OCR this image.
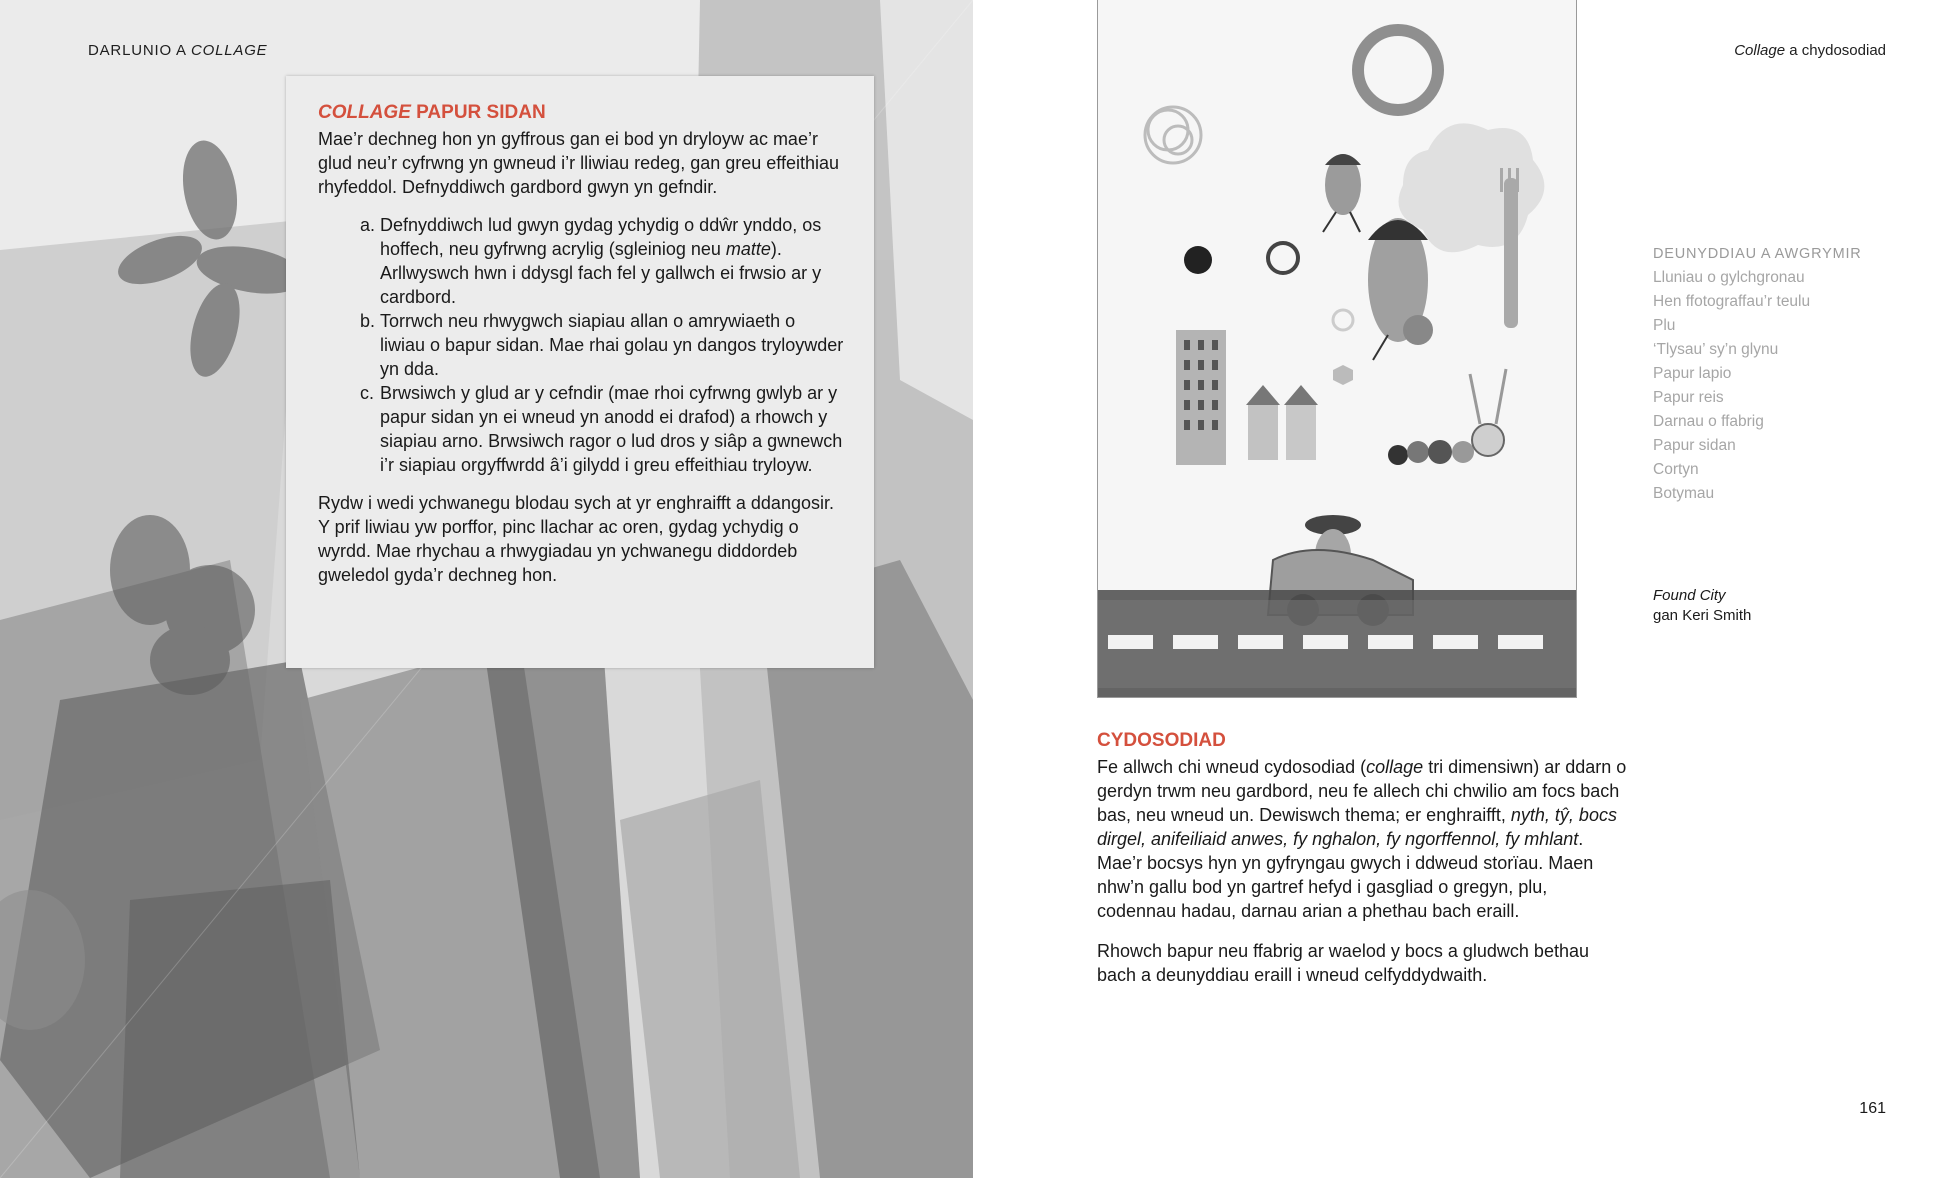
DARLUNIO A COLLAGE
COLLAGE PAPUR SIDAN

Mae’r dechneg hon yn gyffrous gan ei bod yn dryloyw ac mae’r glud neu’r cyfrwng yn gwneud i’r lliwiau redeg, gan greu effeithiau rhyfeddol. Defnyddiwch gardbord gwyn yn gefndir.

a. Defnyddiwch lud gwyn gydag ychydig o ddŵr ynddo, os hoffech, neu gyfrwng acrylig (sgleiniog neu matte). Arllwyswch hwn i ddysgl fach fel y gallwch ei frwsio ar y cardbord.
b. Torrwch neu rhwygwch siapiau allan o amrywiaeth o liwiau o bapur sidan. Mae rhai golau yn dangos tryloywder yn dda.
c. Brwsiwch y glud ar y cefndir (mae rhoi cyfrwng gwlyb ar y papur sidan yn ei wneud yn anodd ei drafod) a rhowch y siapiau arno. Brwsiwch ragor o lud dros y siâp a gwnewch i’r siapiau orgyffwrdd â’i gilydd i greu effeithiau tryloyw.

Rydw i wedi ychwanegu blodau sych at yr enghraifft a ddangosir. Y prif liwiau yw porffor, pinc llachar ac oren, gydag ychydig o wyrdd. Mae rhychau a rhwygiadau yn ychwanegu diddordeb gweledol gyda’r dechneg hon.

Collage a chydosodiad
DEUNYDDIAU A AWGRYMIR
Lluniau o gylchgronau
Hen ffotograffau’r teulu
Plu
‘Tlysau’ sy’n glynu
Papur lapio
Papur reis
Darnau o ffabrig
Papur sidan
Cortyn
Botymau
Found City
gan Keri Smith
CYDOSODIAD

Fe allwch chi wneud cydosodiad (collage tri dimensiwn) ar ddarn o gerdyn trwm neu gardbord, neu fe allech chi chwilio am focs bach bas, neu wneud un. Dewiswch thema; er enghraifft, nyth, tŷ, bocs dirgel, anifeiliaid anwes, fy nghalon, fy ngorffennol, fy mhlant. Mae’r bocsys hyn yn gyfryngau gwych i ddweud storïau. Maen nhw’n gallu bod yn gartref hefyd i gasgliad o gregyn, plu, codennau hadau, darnau arian a phethau bach eraill.

Rhowch bapur neu ffabrig ar waelod y bocs a gludwch bethau bach a deunyddiau eraill i wneud celfyddydwaith.

161
